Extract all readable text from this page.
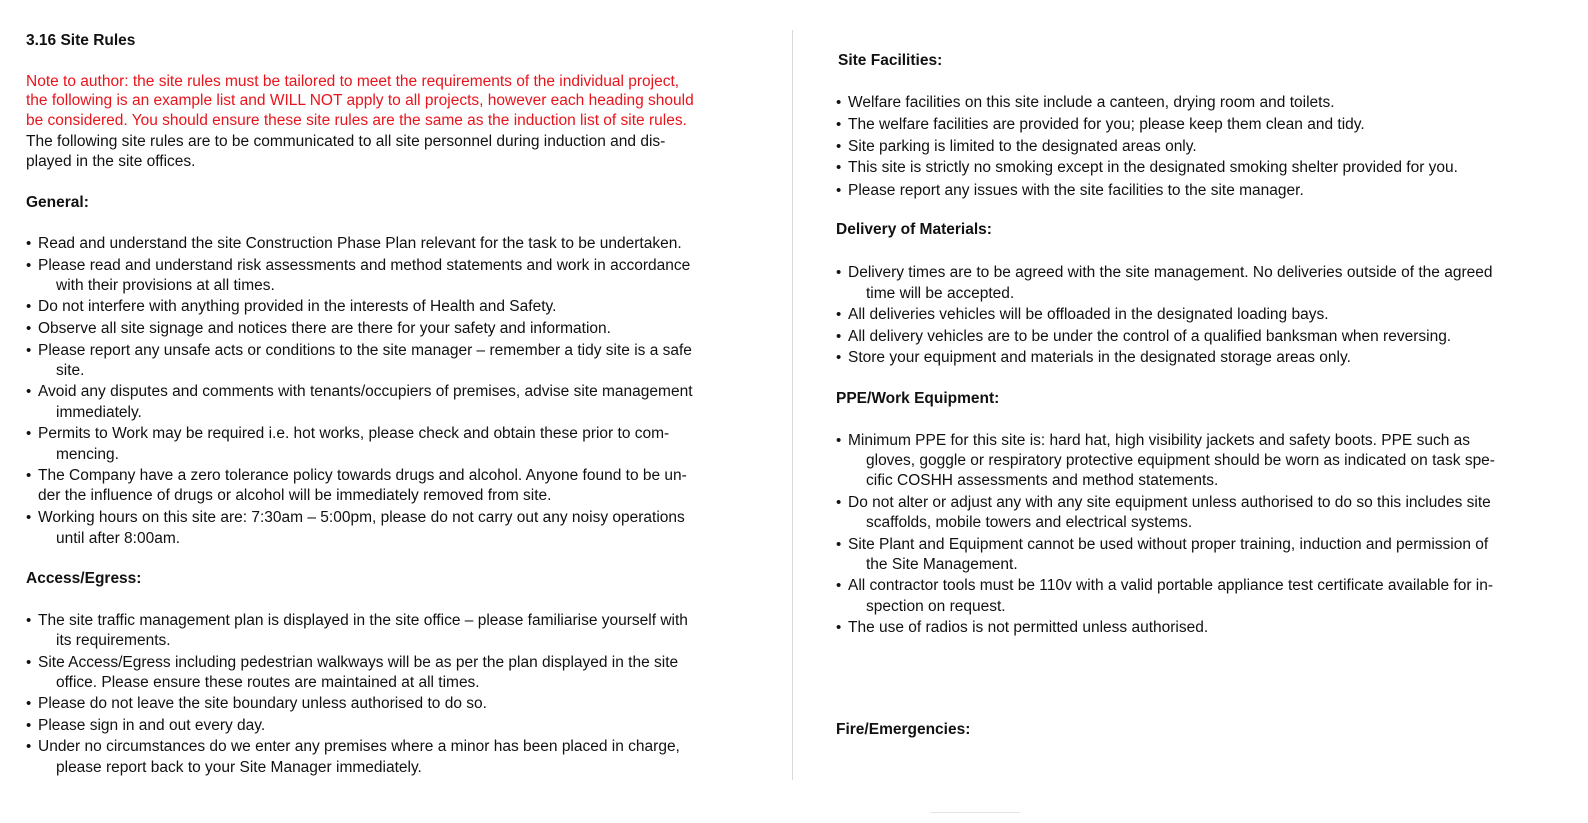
3.16 Site Rules
Note to author: the site rules must be tailored to meet the requirements of the individual project,
the following is an example list and WILL NOT apply to all projects, however each heading should
be considered. You should ensure these site rules are the same as the induction list of site rules.
The following site rules are to be communicated to all site personnel during induction and dis-
played in the site offices.
General:
• Read and understand the site Construction Phase Plan relevant for the task to be undertaken.
• Please read and understand risk assessments and method statements and work in accordance
with their provisions at all times.
• Do not interfere with anything provided in the interests of Health and Safety.
• Observe all site signage and notices there are there for your safety and information.
• Please report any unsafe acts or conditions to the site manager – remember a tidy site is a safe
site.
• Avoid any disputes and comments with tenants/occupiers of premises, advise site management
immediately.
• Permits to Work may be required i.e. hot works, please check and obtain these prior to com-
mencing.
• The Company have a zero tolerance policy towards drugs and alcohol. Anyone found to be un-
der the influence of drugs or alcohol will be immediately removed from site.
• Working hours on this site are: 7:30am – 5:00pm, please do not carry out any noisy operations
until after 8:00am.
Access/Egress:
• The site traffic management plan is displayed in the site office – please familiarise yourself with
its requirements.
• Site Access/Egress including pedestrian walkways will be as per the plan displayed in the site
office. Please ensure these routes are maintained at all times.
• Please do not leave the site boundary unless authorised to do so.
• Please sign in and out every day.
• Under no circumstances do we enter any premises where a minor has been placed in charge,
please report back to your Site Manager immediately.
Site Facilities:
• Welfare facilities on this site include a canteen, drying room and toilets.
• The welfare facilities are provided for you; please keep them clean and tidy.
• Site parking is limited to the designated areas only.
• This site is strictly no smoking except in the designated smoking shelter provided for you.
• Please report any issues with the site facilities to the site manager.
Delivery of Materials:
• Delivery times are to be agreed with the site management. No deliveries outside of the agreed
time will be accepted.
• All deliveries vehicles will be offloaded in the designated loading bays.
• All delivery vehicles are to be under the control of a qualified banksman when reversing.
• Store your equipment and materials in the designated storage areas only.
PPE/Work Equipment:
• Minimum PPE for this site is: hard hat, high visibility jackets and safety boots. PPE such as
gloves, goggle or respiratory protective equipment should be worn as indicated on task spe-
cific COSHH assessments and method statements.
• Do not alter or adjust any with any site equipment unless authorised to do so this includes site
scaffolds, mobile towers and electrical systems.
• Site Plant and Equipment cannot be used without proper training, induction and permission of
the Site Management.
• All contractor tools must be 110v with a valid portable appliance test certificate available for in-
spection on request.
• The use of radios is not permitted unless authorised.
Fire/Emergencies:
